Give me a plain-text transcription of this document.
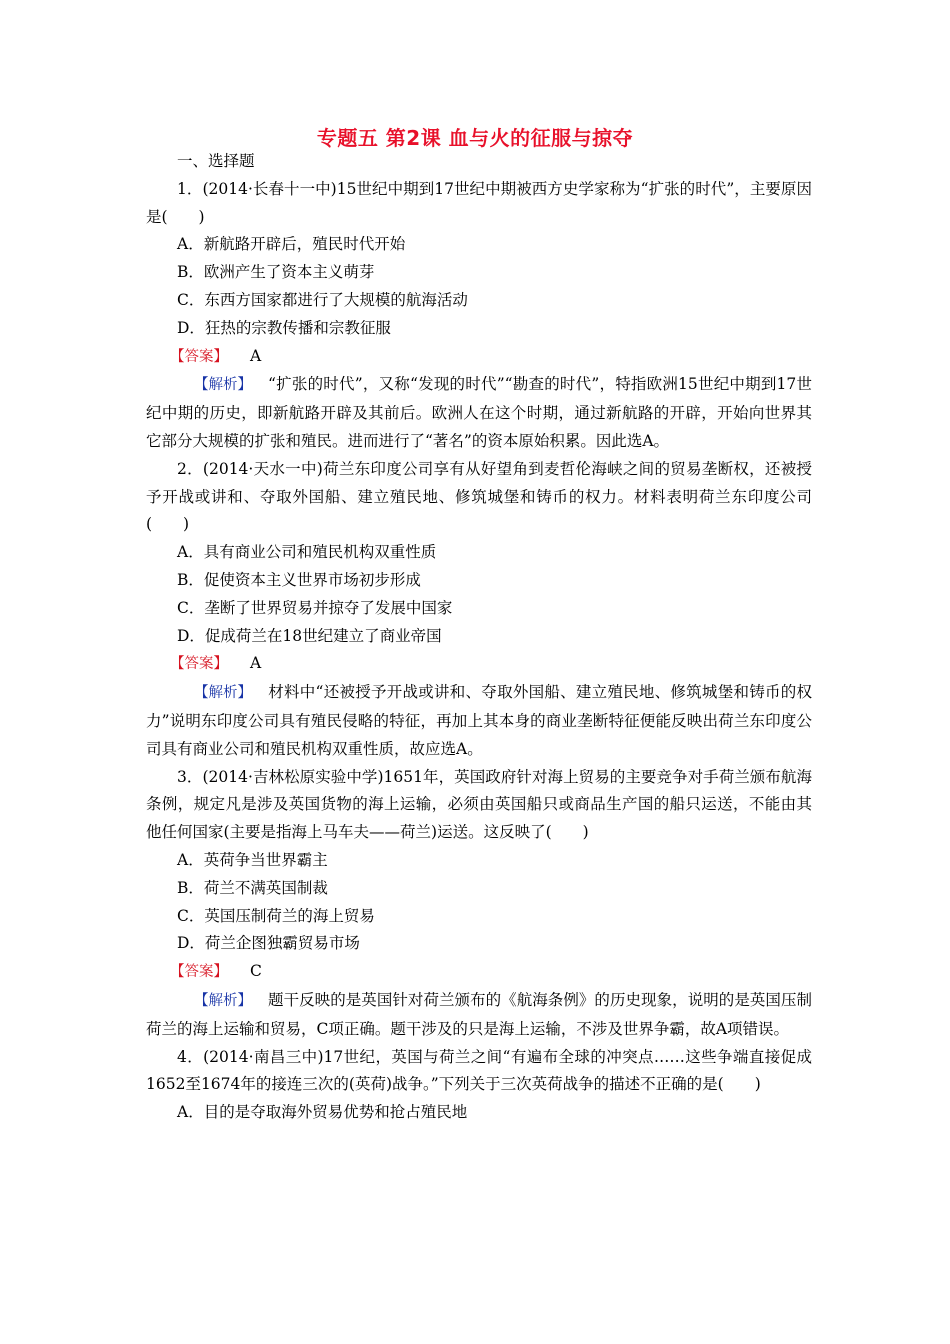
专题五 第2课 血与火的征服与掠夺
一、选择题
1．(2014·长春十一中)15世纪中期到17世纪中期被西方史学家称为“扩张的时代”，主要原因是(　　)
A．新航路开辟后，殖民时代开始
B．欧洲产生了资本主义萌芽
C．东西方国家都进行了大规模的航海活动
D．狂热的宗教传播和宗教征服
【答案】 A
【解析】 “扩张的时代”，又称“发现的时代”“勘查的时代”，特指欧洲15世纪中期到17世纪中期的历史，即新航路开辟及其前后。欧洲人在这个时期，通过新航路的开辟，开始向世界其它部分大规模的扩张和殖民。进而进行了“著名”的资本原始积累。因此选A。
2．(2014·天水一中)荷兰东印度公司享有从好望角到麦哲伦海峡之间的贸易垄断权，还被授予开战或讲和、夺取外国船、建立殖民地、修筑城堡和铸币的权力。材料表明荷兰东印度公司(　　)
A．具有商业公司和殖民机构双重性质
B．促使资本主义世界市场初步形成
C．垄断了世界贸易并掠夺了发展中国家
D．促成荷兰在18世纪建立了商业帝国
【答案】 A
【解析】 材料中“还被授予开战或讲和、夺取外国船、建立殖民地、修筑城堡和铸币的权力”说明东印度公司具有殖民侵略的特征，再加上其本身的商业垄断特征便能反映出荷兰东印度公司具有商业公司和殖民机构双重性质，故应选A。
3．(2014·吉林松原实验中学)1651年，英国政府针对海上贸易的主要竞争对手荷兰颁布航海条例，规定凡是涉及英国货物的海上运输，必须由英国船只或商品生产国的船只运送，不能由其他任何国家(主要是指海上马车夫——荷兰)运送。这反映了(　　)
A．英荷争当世界霸主
B．荷兰不满英国制裁
C．英国压制荷兰的海上贸易
D．荷兰企图独霸贸易市场
【答案】 C
【解析】 题干反映的是英国针对荷兰颁布的《航海条例》的历史现象，说明的是英国压制荷兰的海上运输和贸易，C项正确。题干涉及的只是海上运输，不涉及世界争霸，故A项错误。
4．(2014·南昌三中)17世纪，英国与荷兰之间“有遍布全球的冲突点……这些争端直接促成1652至1674年的接连三次的(英荷)战争。”下列关于三次英荷战争的描述不正确的是(　　)
A．目的是夺取海外贸易优势和抢占殖民地
